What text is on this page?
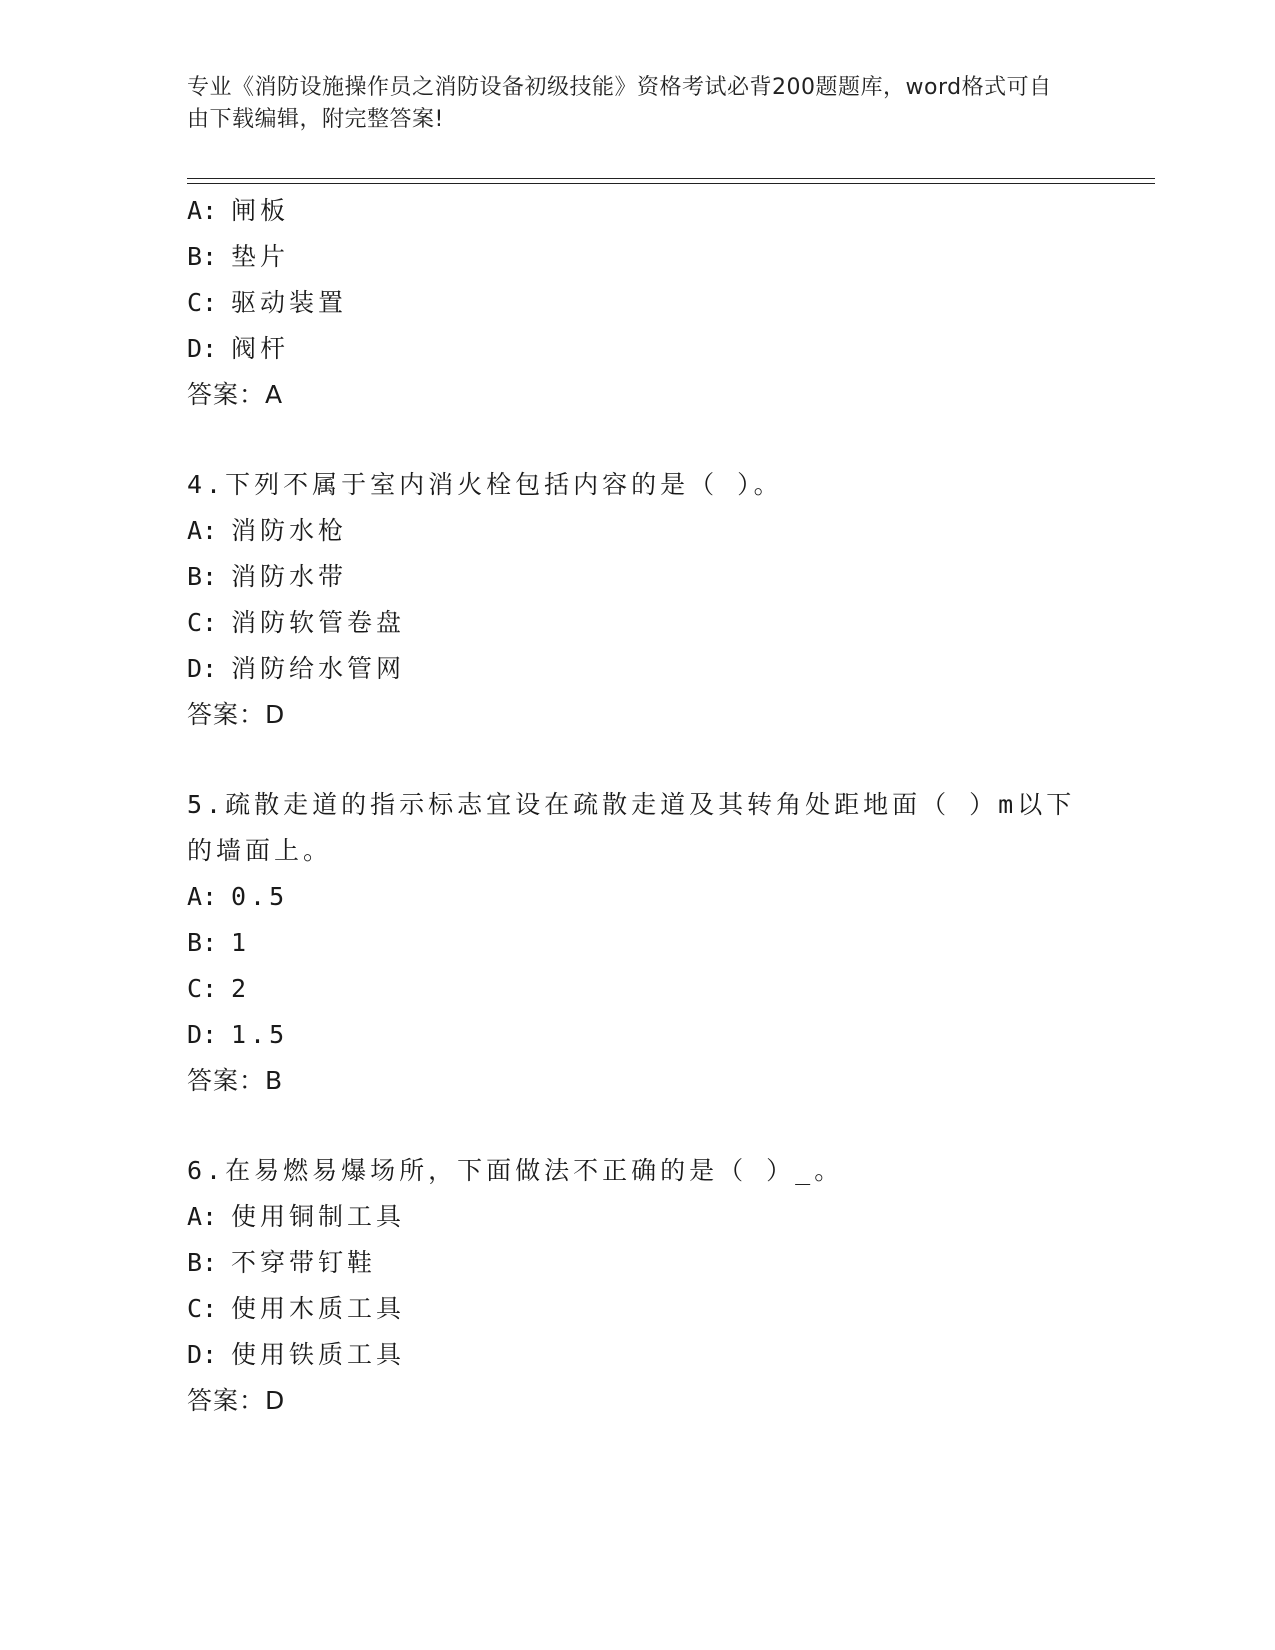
专业《消防设施操作员之消防设备初级技能》资格考试必背200题题库，word格式可自由下载编辑，附完整答案!
A: 闸板
B: 垫片
C: 驱动装置
D: 阀杆
答案：A
4.下列不属于室内消火栓包括内容的是（ ）。
A: 消防水枪
B: 消防水带
C: 消防软管卷盘
D: 消防给水管网
答案：D
5.疏散走道的指示标志宜设在疏散走道及其转角处距地面（ ）m以下的墙面上。
A: 0.5
B: 1
C: 2
D: 1.5
答案：B
6.在易燃易爆场所，下面做法不正确的是（ ）_。
A: 使用铜制工具
B: 不穿带钉鞋
C: 使用木质工具
D: 使用铁质工具
答案：D
